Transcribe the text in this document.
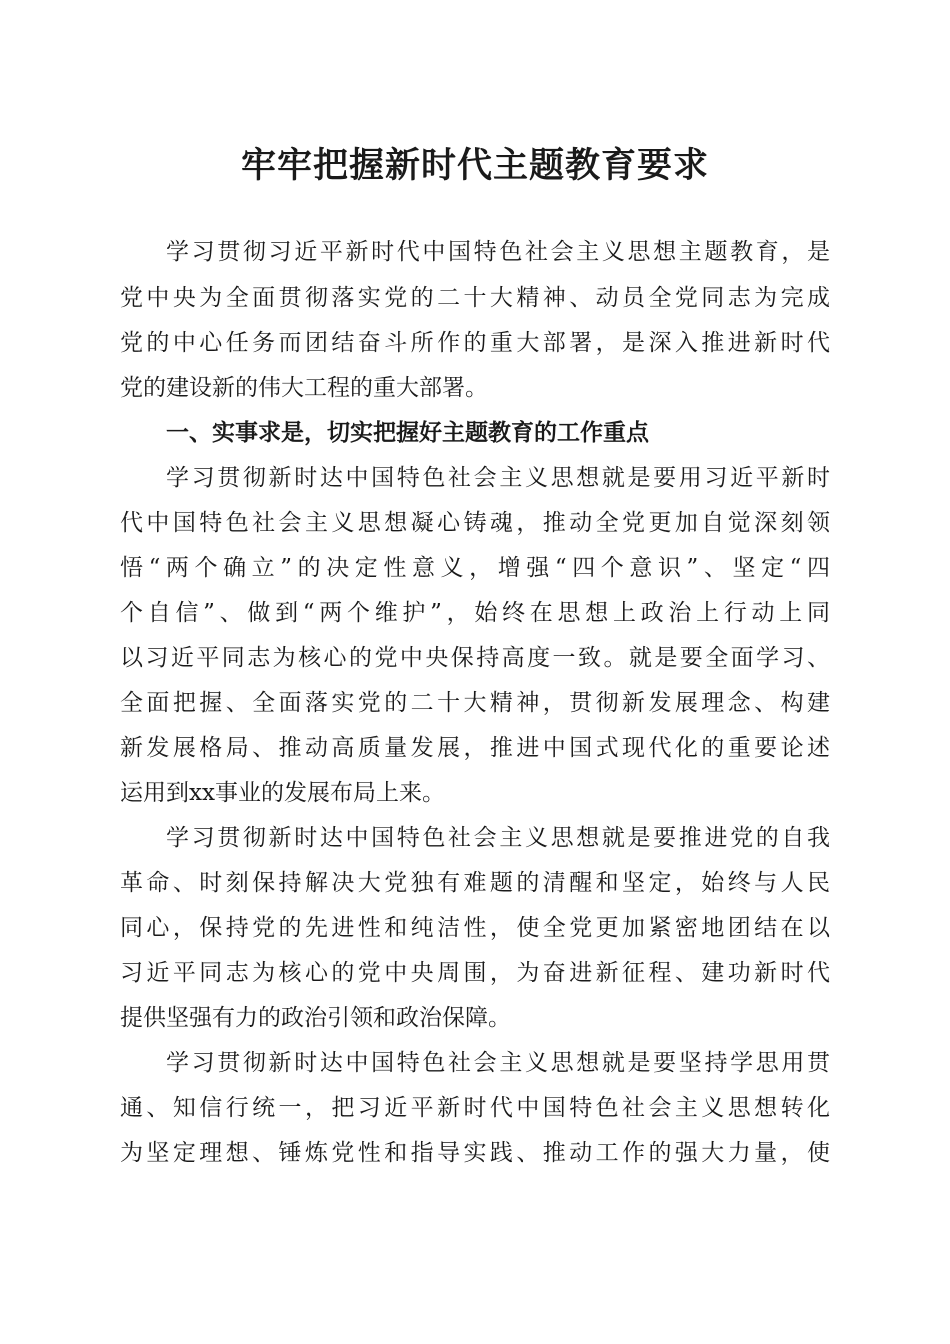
牢牢把握新时代主题教育要求
学习贯彻习近平新时代中国特色社会主义思想主题教育，是
党中央为全面贯彻落实党的二十大精神、动员全党同志为完成
党的中心任务而团结奋斗所作的重大部署，是深入推进新时代
党的建设新的伟大工程的重大部署。
一、实事求是，切实把握好主题教育的工作重点
学习贯彻新时达中国特色社会主义思想就是要用习近平新时
代中国特色社会主义思想凝心铸魂，推动全党更加自觉深刻领
悟“两个确立”的决定性意义，增强“四个意识”、坚定“四
个自信”、做到“两个维护”，始终在思想上政治上行动上同
以习近平同志为核心的党中央保持高度一致。就是要全面学习、
全面把握、全面落实党的二十大精神，贯彻新发展理念、构建
新发展格局、推动高质量发展，推进中国式现代化的重要论述
运用到xx事业的发展布局上来。
学习贯彻新时达中国特色社会主义思想就是要推进党的自我
革命、时刻保持解决大党独有难题的清醒和坚定，始终与人民
同心，保持党的先进性和纯洁性，使全党更加紧密地团结在以
习近平同志为核心的党中央周围，为奋进新征程、建功新时代
提供坚强有力的政治引领和政治保障。
学习贯彻新时达中国特色社会主义思想就是要坚持学思用贯
通、知信行统一，把习近平新时代中国特色社会主义思想转化
为坚定理想、锤炼党性和指导实践、推动工作的强大力量，使
